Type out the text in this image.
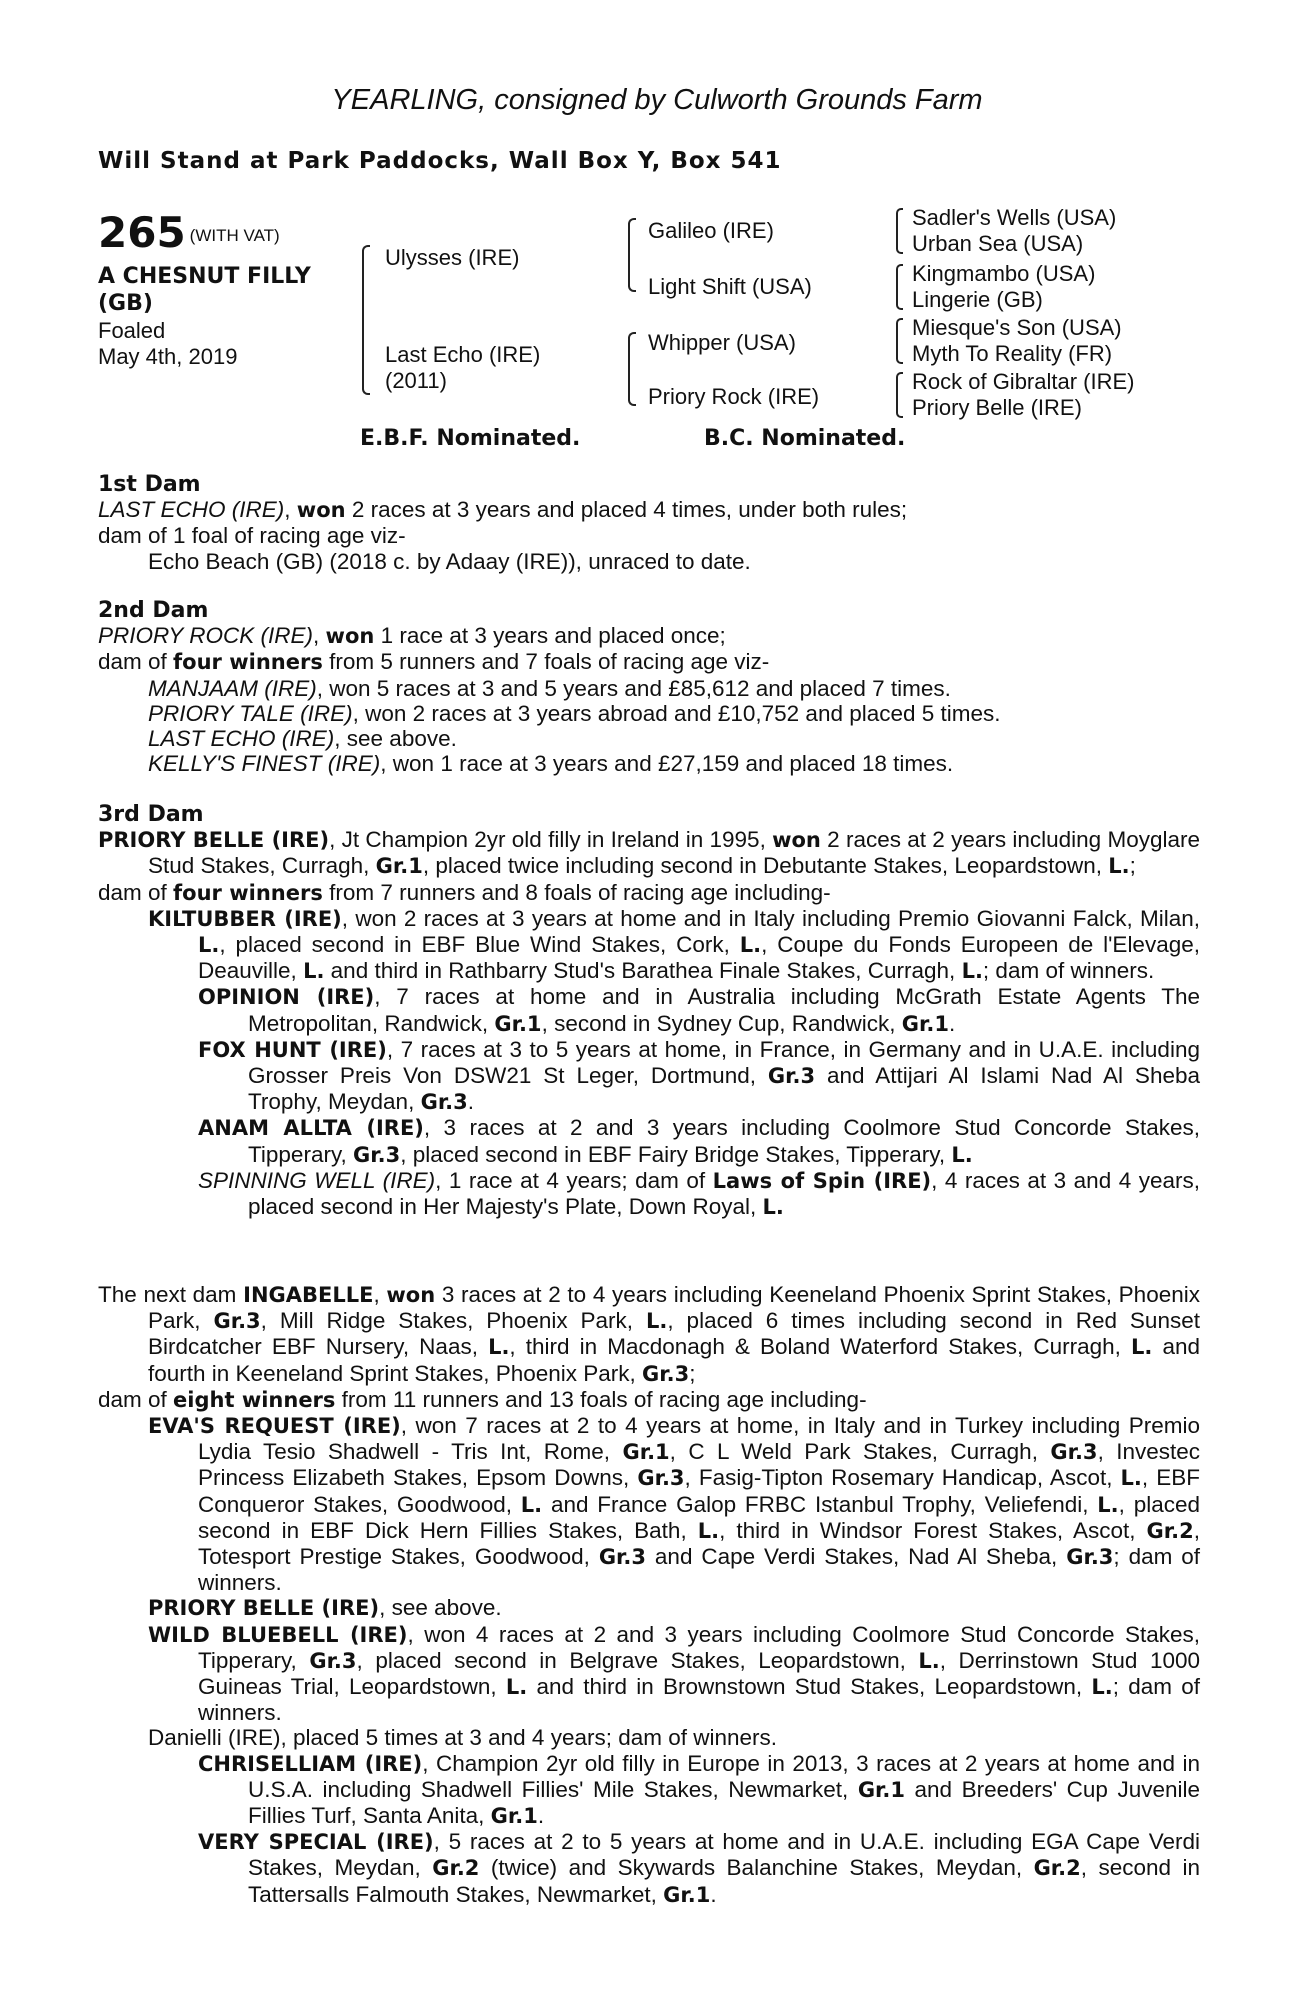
YEARLING, consigned by Culworth Grounds Farm
Will Stand at Park Paddocks, Wall Box Y, Box 541
265 (WITH VAT)
A CHESNUT FILLY
(GB)
Foaled
May 4th, 2019
Ulysses (IRE)
Last Echo (IRE)
(2011)
Galileo (IRE)
Light Shift (USA)
Whipper (USA)
Priory Rock (IRE)
Sadler's Wells (USA)
Urban Sea (USA)
Kingmambo (USA)
Lingerie (GB)
Miesque's Son (USA)
Myth To Reality (FR)
Rock of Gibraltar (IRE)
Priory Belle (IRE)
E.B.F. Nominated.	B.C. Nominated.

1st Dam

LAST ECHO (IRE), won 2 races at 3 years and placed 4 times, under both rules;

dam of 1 foal of racing age viz-

Echo Beach (GB) (2018 c. by Adaay (IRE)), unraced to date.

2nd Dam

PRIORY ROCK (IRE), won 1 race at 3 years and placed once;

dam of four winners from 5 runners and 7 foals of racing age viz-

MANJAAM (IRE), won 5 races at 3 and 5 years and £85,612 and placed 7 times.

PRIORY TALE (IRE), won 2 races at 3 years abroad and £10,752 and placed 5 times.

LAST ECHO (IRE), see above.

KELLY'S FINEST (IRE), won 1 race at 3 years and £27,159 and placed 18 times.

3rd Dam

PRIORY BELLE (IRE), Jt Champion 2yr old filly in Ireland in 1995, won 2 races at 2 years including Moyglare Stud Stakes, Curragh, Gr.1, placed twice including second in Debutante Stakes, Leopardstown, L.;

dam of four winners from 7 runners and 8 foals of racing age including-

KILTUBBER (IRE), won 2 races at 3 years at home and in Italy including Premio Giovanni Falck, Milan, L., placed second in EBF Blue Wind Stakes, Cork, L., Coupe du Fonds Europeen de l'Elevage, Deauville, L. and third in Rathbarry Stud's Barathea Finale Stakes, Curragh, L.; dam of winners.

OPINION (IRE), 7 races at home and in Australia including McGrath Estate Agents The Metropolitan, Randwick, Gr.1, second in Sydney Cup, Randwick, Gr.1.

FOX HUNT (IRE), 7 races at 3 to 5 years at home, in France, in Germany and in U.A.E. including Grosser Preis Von DSW21 St Leger, Dortmund, Gr.3 and Attijari Al Islami Nad Al Sheba Trophy, Meydan, Gr.3.

ANAM ALLTA (IRE), 3 races at 2 and 3 years including Coolmore Stud Concorde Stakes, Tipperary, Gr.3, placed second in EBF Fairy Bridge Stakes, Tipperary, L.

SPINNING WELL (IRE), 1 race at 4 years; dam of Laws of Spin (IRE), 4 races at 3 and 4 years, placed second in Her Majesty's Plate, Down Royal, L.

The next dam INGABELLE, won 3 races at 2 to 4 years including Keeneland Phoenix Sprint Stakes, Phoenix Park, Gr.3, Mill Ridge Stakes, Phoenix Park, L., placed 6 times including second in Red Sunset Birdcatcher EBF Nursery, Naas, L., third in Macdonagh & Boland Waterford Stakes, Curragh, L. and fourth in Keeneland Sprint Stakes, Phoenix Park, Gr.3;

dam of eight winners from 11 runners and 13 foals of racing age including-

EVA'S REQUEST (IRE), won 7 races at 2 to 4 years at home, in Italy and in Turkey including Premio Lydia Tesio Shadwell - Tris Int, Rome, Gr.1, C L Weld Park Stakes, Curragh, Gr.3, Investec Princess Elizabeth Stakes, Epsom Downs, Gr.3, Fasig-Tipton Rosemary Handicap, Ascot, L., EBF Conqueror Stakes, Goodwood, L. and France Galop FRBC Istanbul Trophy, Veliefendi, L., placed second in EBF Dick Hern Fillies Stakes, Bath, L., third in Windsor Forest Stakes, Ascot, Gr.2, Totesport Prestige Stakes, Goodwood, Gr.3 and Cape Verdi Stakes, Nad Al Sheba, Gr.3; dam of winners.

PRIORY BELLE (IRE), see above.

WILD BLUEBELL (IRE), won 4 races at 2 and 3 years including Coolmore Stud Concorde Stakes, Tipperary, Gr.3, placed second in Belgrave Stakes, Leopardstown, L., Derrinstown Stud 1000 Guineas Trial, Leopardstown, L. and third in Brownstown Stud Stakes, Leopardstown, L.; dam of winners.

Danielli (IRE), placed 5 times at 3 and 4 years; dam of winners.

CHRISELLIAM (IRE), Champion 2yr old filly in Europe in 2013, 3 races at 2 years at home and in U.S.A. including Shadwell Fillies' Mile Stakes, Newmarket, Gr.1 and Breeders' Cup Juvenile Fillies Turf, Santa Anita, Gr.1.

VERY SPECIAL (IRE), 5 races at 2 to 5 years at home and in U.A.E. including EGA Cape Verdi Stakes, Meydan, Gr.2 (twice) and Skywards Balanchine Stakes, Meydan, Gr.2, second in Tattersalls Falmouth Stakes, Newmarket, Gr.1.
